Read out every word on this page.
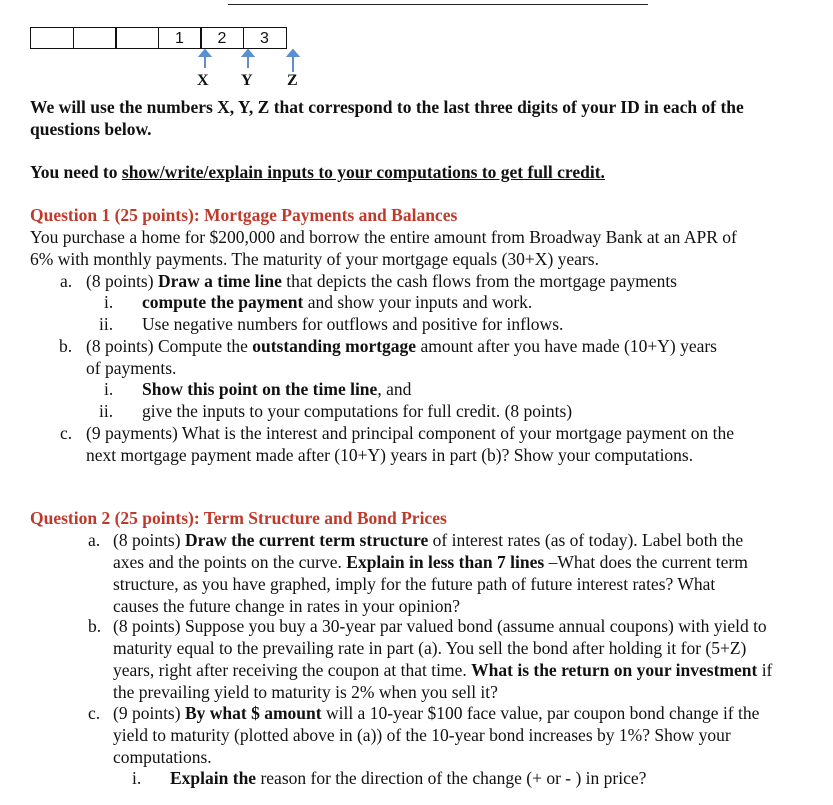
1	2	3
X Y Z

We will use the numbers X, Y, Z that correspond to the last three digits of your ID in each of the questions below.

You need to show/write/explain inputs to your computations to get full credit.

Question 1 (25 points): Mortgage Payments and Balances

You purchase a home for $200,000 and borrow the entire amount from Broadway Bank at an APR of 6% with monthly payments. The maturity of your mortgage equals (30+X) years.

a. (8 points) Draw a time line that depicts the cash flows from the mortgage payments
i. compute the payment and show your inputs and work.
ii. Use negative numbers for outflows and positive for inflows.
b. (8 points) Compute the outstanding mortgage amount after you have made (10+Y) years of payments.
i. Show this point on the time line, and
ii. give the inputs to your computations for full credit. (8 points)
c. (9 payments) What is the interest and principal component of your mortgage payment on the next mortgage payment made after (10+Y) years in part (b)? Show your computations.

Question 2 (25 points): Term Structure and Bond Prices

a. (8 points) Draw the current term structure of interest rates (as of today). Label both the axes and the points on the curve. Explain in less than 7 lines –What does the current term structure, as you have graphed, imply for the future path of future interest rates? What causes the future change in rates in your opinion?
b. (8 points) Suppose you buy a 30-year par valued bond (assume annual coupons) with yield to maturity equal to the prevailing rate in part (a). You sell the bond after holding it for (5+Z) years, right after receiving the coupon at that time. What is the return on your investment if the prevailing yield to maturity is 2% when you sell it?
c. (9 points) By what $ amount will a 10-year $100 face value, par coupon bond change if the yield to maturity (plotted above in (a)) of the 10-year bond increases by 1%? Show your computations.
i. Explain the reason for the direction of the change (+ or - ) in price?
